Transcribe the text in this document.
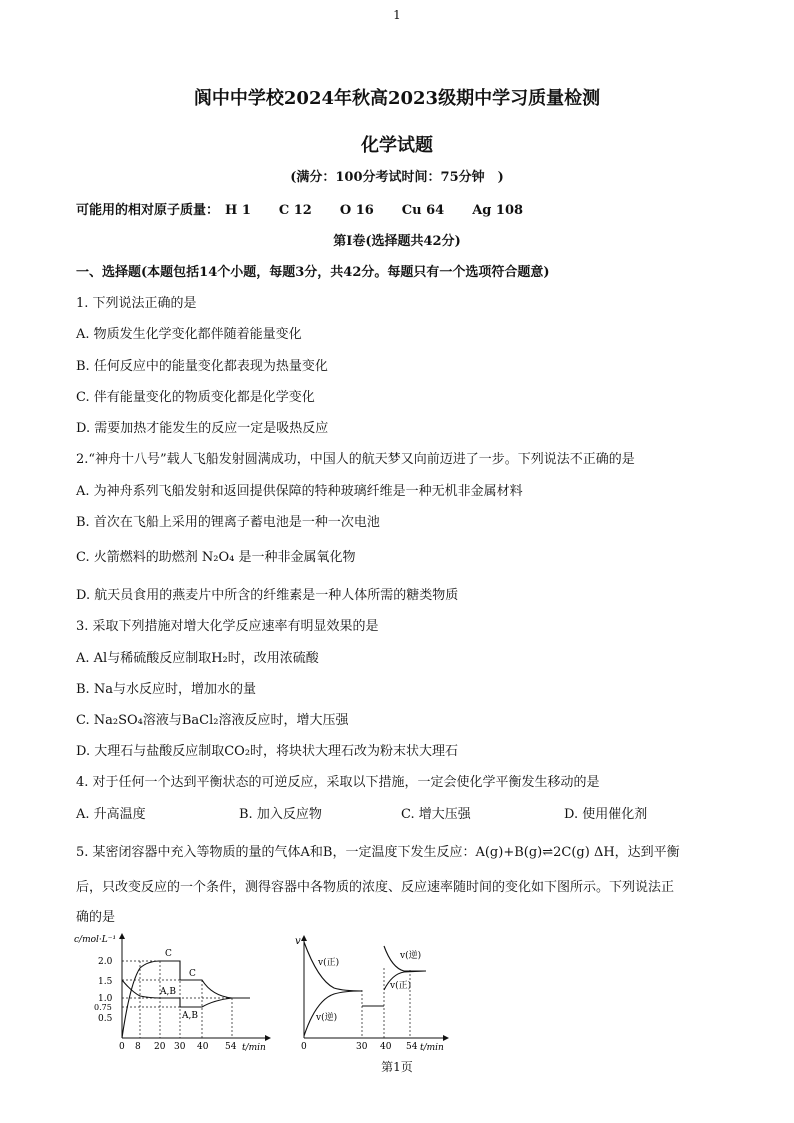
1
阆中中学校2024年秋高2023级期中学习质量检测
化学试题
(满分：100分考试时间：75分钟　)
可能用的相对原子质量： H 1 C 12 O 16 Cu 64 Ag 108
第I卷(选择题共42分)
一、选择题(本题包括14个小题，每题3分，共42分。每题只有一个选项符合题意)
1. 下列说法正确的是
A. 物质发生化学变化都伴随着能量变化
B. 任何反应中的能量变化都表现为热量变化
C. 伴有能量变化的物质变化都是化学变化
D. 需要加热才能发生的反应一定是吸热反应
2.“神舟十八号”载人飞船发射圆满成功，中国人的航天梦又向前迈进了一步。下列说法不正确的是
A. 为神舟系列飞船发射和返回提供保障的特种玻璃纤维是一种无机非金属材料
B. 首次在飞船上采用的锂离子蓄电池是一种一次电池
C. 火箭燃料的助燃剂 N₂O₄ 是一种非金属氧化物
D. 航天员食用的燕麦片中所含的纤维素是一种人体所需的糖类物质
3. 采取下列措施对增大化学反应速率有明显效果的是
A. Al与稀硫酸反应制取H₂时，改用浓硫酸
B. Na与水反应时，增加水的量
C. Na₂SO₄溶液与BaCl₂溶液反应时，增大压强
D. 大理石与盐酸反应制取CO₂时，将块状大理石改为粉末状大理石
4. 对于任何一个达到平衡状态的可逆反应，采取以下措施，一定会使化学平衡发生移动的是
A. 升高温度	B. 加入反应物	C. 增大压强	D. 使用催化剂
5. 某密闭容器中充入等物质的量的气体A和B，一定温度下发生反应：A(g)+B(g)⇌2C(g) ΔH，达到平衡
后，只改变反应的一个条件，测得容器中各物质的浓度、反应速率随时间的变化如下图所示。下列说法正
确的是
c/mol·L⁻¹
t/min
2.0
1.5
1.0
0.75
0.5
0 8 20 30 40 54
C
C
A,B
A,B
v
t/min
0	30 40 54
v(正)
v(逆)
v(逆)
v(正)
第1页
